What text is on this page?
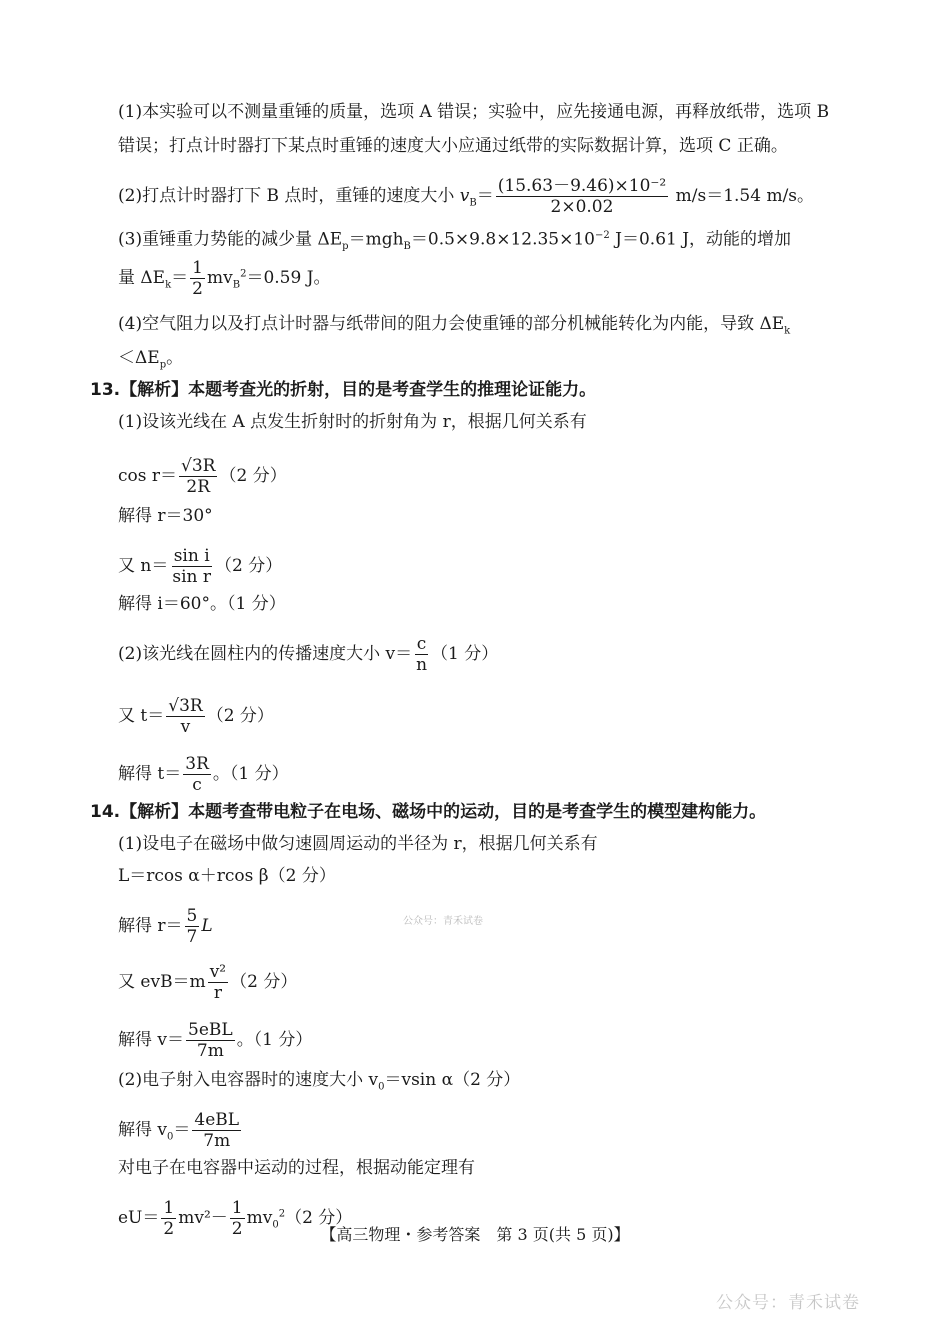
(1)本实验可以不测量重锤的质量，选项 A 错误；实验中，应先接通电源，再释放纸带，选项 B
错误；打点计时器打下某点时重锤的速度大小应通过纸带的实际数据计算，选项 C 正确。
(2)打点计时器打下 B 点时，重锤的速度大小 $v_B= \frac{\text{(15.63－9.46)×10⁻²}}{2\times 0.02} m/s=1.54$ m/s。
(3)重锤重力势能的减少量 $\Delta E_p=mgh_B=0.5\times 9.8\times 12.35\times 10^{-2}$ J＝0.61 J，动能的增加
量 $\Delta E_k= \frac{1}{2} mv_B^2=0.59$ J。
(4)空气阻力以及打点计时器与纸带间的阻力会使重锤的部分机械能转化为内能，导致 $\Delta E_k$
$<\Delta E_p$。
13.【解析】本题考查光的折射，目的是考查学生的推理论证能力。
(1)设该光线在 A 点发生折射时的折射角为 r，根据几何关系有
$\cos r= \frac{√3R}{2R} (2$ 分）
解得 r＝30°
又 $n= \frac{\text{sin i}}{\text{sin r}} (2$ 分）
解得 i＝60°。（1 分）
(2)该光线在圆柱内的传播速度大小 $v= \frac{c}{n} (1$ 分）
又 $t= \frac{√3R}{v} (2$ 分）
解得 $t= \frac{3R}{c}$ 。（1 分）
14.【解析】本题考查带电粒子在电场、磁场中的运动，目的是考查学生的模型建构能力。
(1)设电子在磁场中做匀速圆周运动的半径为 r，根据几何关系有
L＝rcos α＋rcos β（2 分）
解得 $r= \frac{5}{7}$ L	公众号：青禾试卷
又 $evB=m \frac{\text{v²}}{r} (2$ 分）
解得 $v= \frac{\text{5eBL}}{7m}$ 。（1 分）
(2)电子射入电容器时的速度大小 $v_0=vsin$ α（2 分）
解得 $v_0= \frac{\text{4eBL}}{7m}$
对电子在电容器中运动的过程，根据动能定理有
$eU= \frac{1}{2} mv^2- \frac{1}{2} mv_0^2(2$ 分）
【高三物理・参考答案　第 3 页(共 5 页)】
公众号：青禾试卷
